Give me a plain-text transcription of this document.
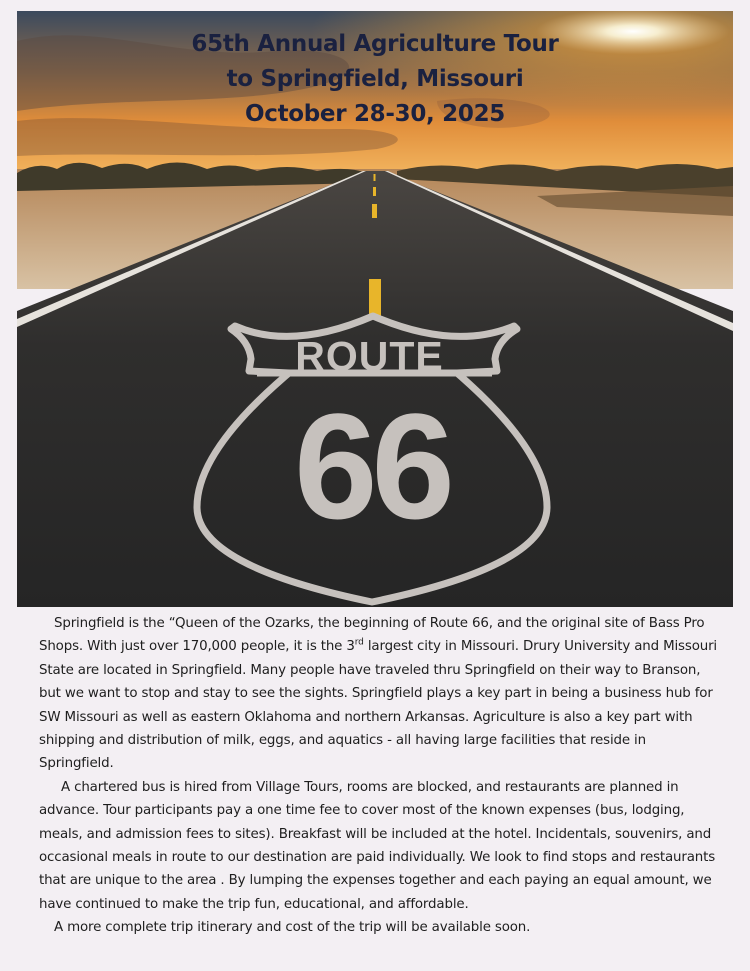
65th Annual Agriculture Tour
to Springfield, Missouri
October 28-30, 2025
ROUTE
66

Springfield is the “Queen of the Ozarks, the beginning of Route 66, and the original site of Bass Pro Shops. With just over 170,000 people, it is the 3rd largest city in Missouri. Drury University and Missouri State are located in Springfield. Many people have traveled thru Springfield on their way to Branson, but we want to stop and stay to see the sights. Springfield plays a key part in being a business hub for SW Missouri as well as eastern Oklahoma and northern Arkansas. Agriculture is also a key part with shipping and distribution of milk, eggs, and aquatics - all having large facilities that reside in Springfield.

A chartered bus is hired from Village Tours, rooms are blocked, and restaurants are planned in advance. Tour participants pay a one time fee to cover most of the known expenses (bus, lodging, meals, and admission fees to sites). Breakfast will be included at the hotel. Incidentals, souvenirs, and occasional meals in route to our destination are paid individually. We look to find stops and restaurants that are unique to the area . By lumping the expenses together and each paying an equal amount, we have continued to make the trip fun, educational, and affordable.

A more complete trip itinerary and cost of the trip will be available soon.
